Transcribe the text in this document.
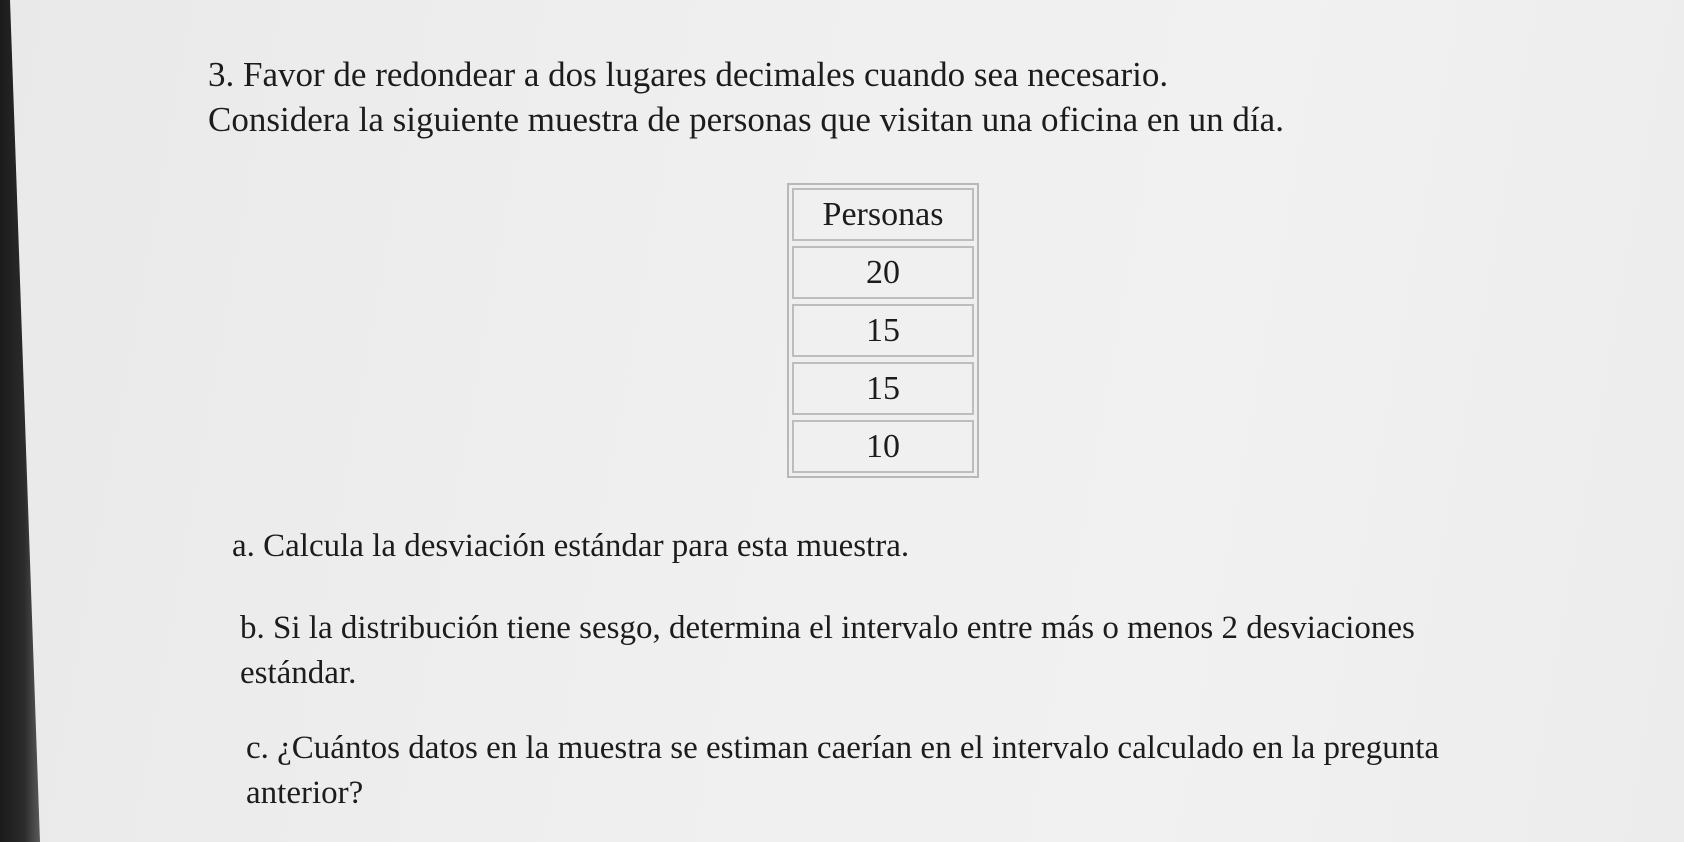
3. Favor de redondear a dos lugares decimales cuando sea necesario.

Considera la siguiente muestra de personas que visitan una oficina en un día.

Personas
20
15
15
10

a. Calcula la desviación estándar para esta muestra.

b. Si la distribución tiene sesgo, determina el intervalo entre más o menos 2 desviaciones estándar.

c. ¿Cuántos datos en la muestra se estiman caerían en el intervalo calculado en la pregunta anterior?
